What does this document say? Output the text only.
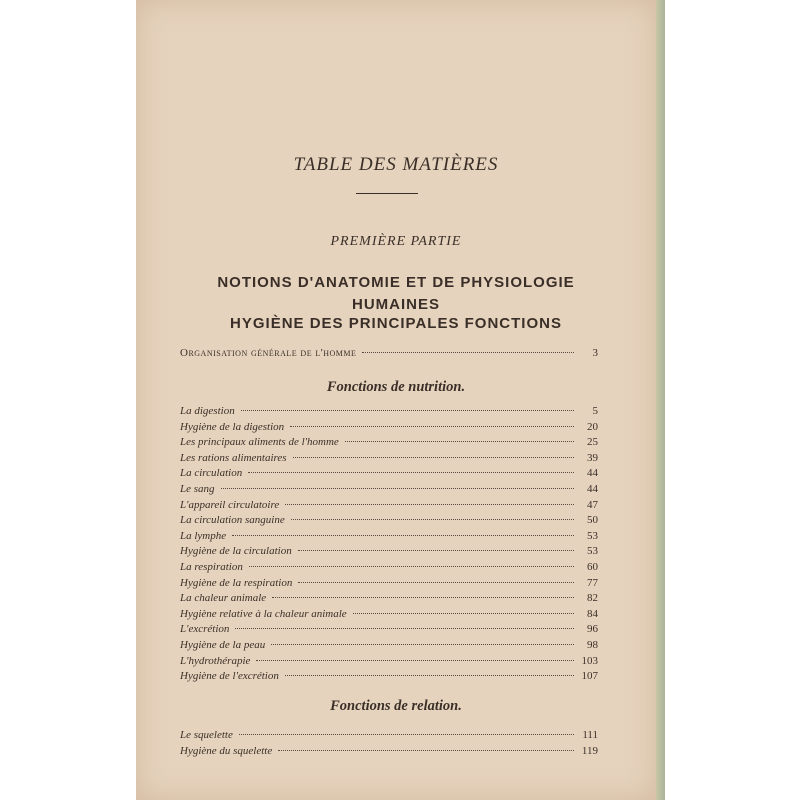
TABLE DES MATIÈRES
PREMIÈRE PARTIE
NOTIONS D'ANATOMIE ET DE PHYSIOLOGIE
HUMAINES
HYGIÈNE DES PRINCIPALES FONCTIONS
Organisation générale de l'homme	3
Fonctions de nutrition.
La digestion	5
Hygiène de la digestion	20
Les principaux aliments de l'homme	25
Les rations alimentaires	39
La circulation	44
Le sang	44
L'appareil circulatoire	47
La circulation sanguine	50
La lymphe	53
Hygiène de la circulation	53
La respiration	60
Hygiène de la respiration	77
La chaleur animale	82
Hygiène relative à la chaleur animale	84
L'excrétion	96
Hygiène de la peau	98
L'hydrothérapie	103
Hygiène de l'excrétion	107
Fonctions de relation.
Le squelette	111
Hygiène du squelette	119
